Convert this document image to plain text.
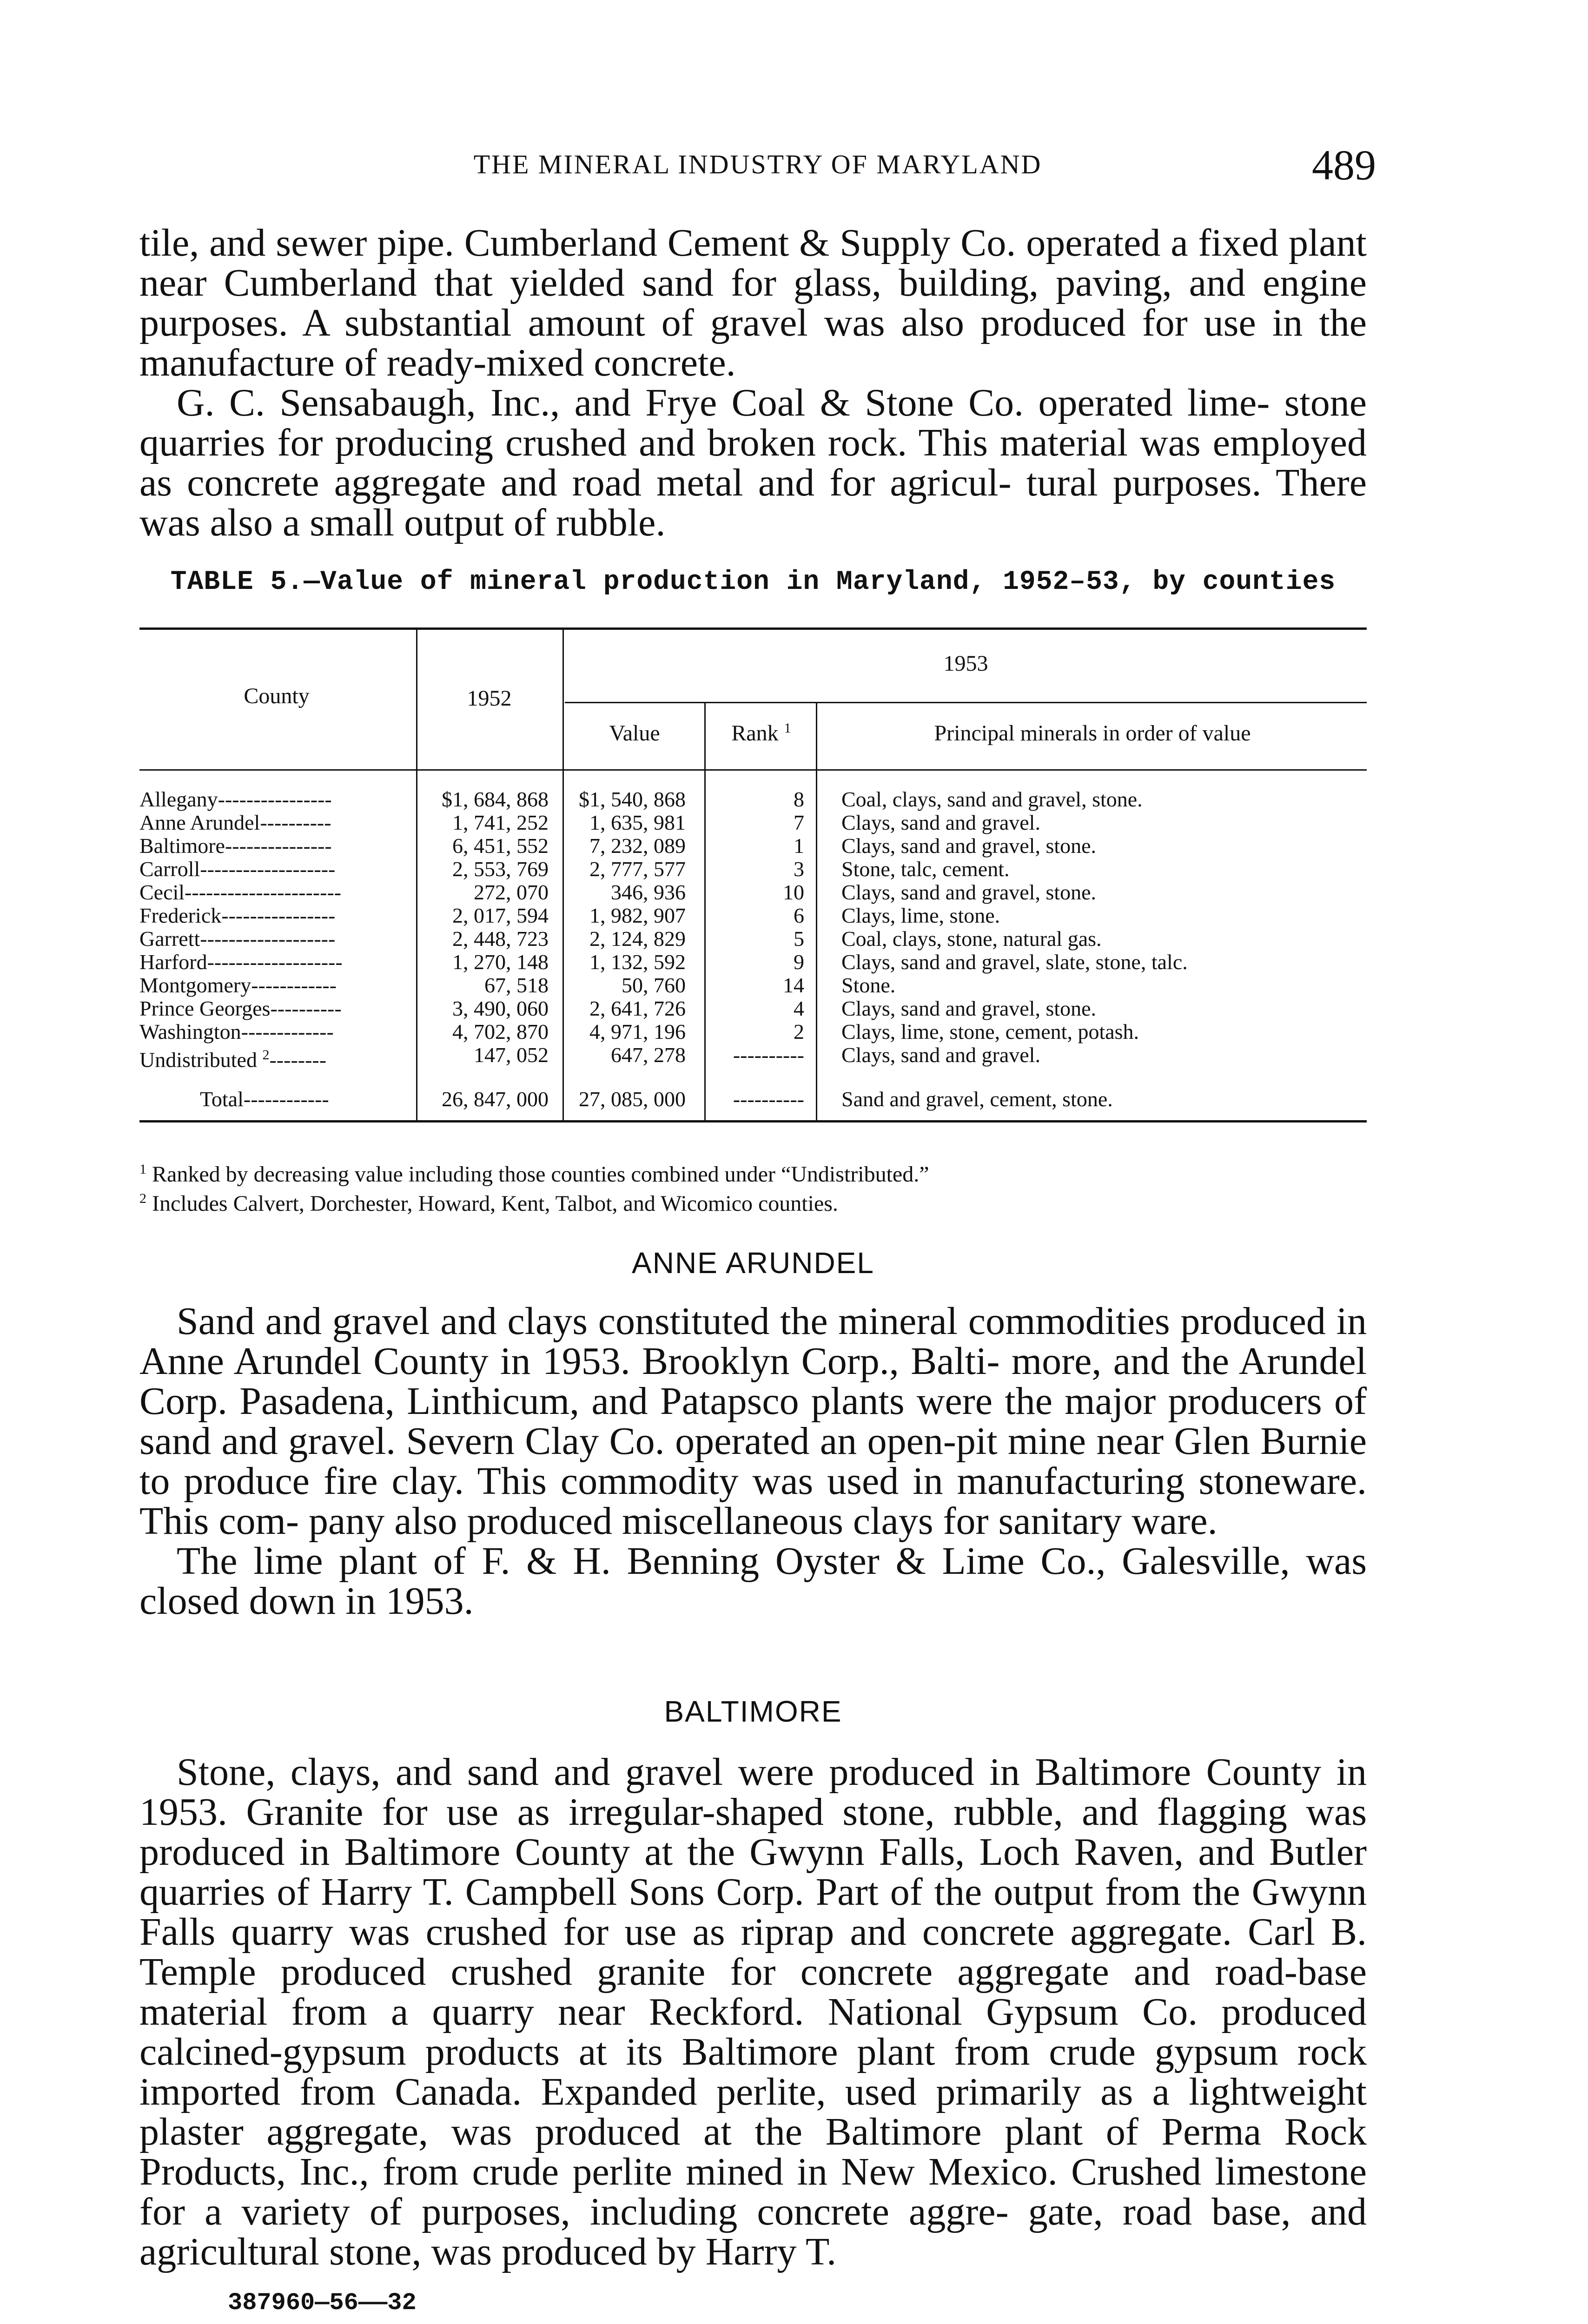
THE MINERAL INDUSTRY OF MARYLAND	489

tile, and sewer pipe. Cumberland Cement & Supply Co. operated a fixed plant near Cumberland that yielded sand for glass, building, paving, and engine purposes. A substantial amount of gravel was also produced for use in the manufacture of ready-mixed concrete.

G. C. Sensabaugh, Inc., and Frye Coal & Stone Co. operated lime- stone quarries for producing crushed and broken rock. This material was employed as concrete aggregate and road metal and for agricul- tural purposes. There was also a small output of rubble.

TABLE 5.—Value of mineral production in Maryland, 1952–53, by counties
County	1952
1953
Value	Rank $^1$	Principal minerals in order of value
Allegany----------------	$1, 684, 868	$1, 540, 868	8 Coal, clays, sand and gravel, stone.
Anne Arundel----------	1, 741, 252	1, 635, 981	7 Clays, sand and gravel.
Baltimore---------------	6, 451, 552	7, 232, 089	1 Clays, sand and gravel, stone.
Carroll-------------------	2, 553, 769	2, 777, 577	3 Stone, talc, cement.
Cecil----------------------	272, 070	346, 936	10 Clays, sand and gravel, stone.
Frederick----------------	2, 017, 594	1, 982, 907	6 Clays, lime, stone.
Garrett-------------------	2, 448, 723	2, 124, 829	5 Coal, clays, stone, natural gas.
Harford-------------------	1, 270, 148	1, 132, 592	9 Clays, sand and gravel, slate, stone, talc.
Montgomery------------	67, 518	50, 760	14 Stone.
Prince Georges----------	3, 490, 060	2, 641, 726	4 Clays, sand and gravel, stone.
Washington-------------	4, 702, 870	4, 971, 196	2 Clays, lime, stone, cement, potash.
Undistributed $^2$--------	147, 052	647, 278	---------- Clays, sand and gravel.
Total------------	26, 847, 000	27, 085, 000	---------- Sand and gravel, cement, stone.

$^1$ Ranked by decreasing value including those counties combined under “Undistributed.”

$^2$ Includes Calvert, Dorchester, Howard, Kent, Talbot, and Wicomico counties.

ANNE ARUNDEL

Sand and gravel and clays constituted the mineral commodities produced in Anne Arundel County in 1953. Brooklyn Corp., Balti- more, and the Arundel Corp. Pasadena, Linthicum, and Patapsco plants were the major producers of sand and gravel. Severn Clay Co. operated an open-pit mine near Glen Burnie to produce fire clay. This commodity was used in manufacturing stoneware. This com- pany also produced miscellaneous clays for sanitary ware.

The lime plant of F. & H. Benning Oyster & Lime Co., Galesville, was closed down in 1953.

BALTIMORE

Stone, clays, and sand and gravel were produced in Baltimore County in 1953. Granite for use as irregular-shaped stone, rubble, and flagging was produced in Baltimore County at the Gwynn Falls, Loch Raven, and Butler quarries of Harry T. Campbell Sons Corp. Part of the output from the Gwynn Falls quarry was crushed for use as riprap and concrete aggregate. Carl B. Temple produced crushed granite for concrete aggregate and road-base material from a quarry near Reckford. National Gypsum Co. produced calcined-gypsum products at its Baltimore plant from crude gypsum rock imported from Canada. Expanded perlite, used primarily as a lightweight plaster aggregate, was produced at the Baltimore plant of Perma Rock Products, Inc., from crude perlite mined in New Mexico. Crushed limestone for a variety of purposes, including concrete aggre- gate, road base, and agricultural stone, was produced by Harry T.

387960—56——32
